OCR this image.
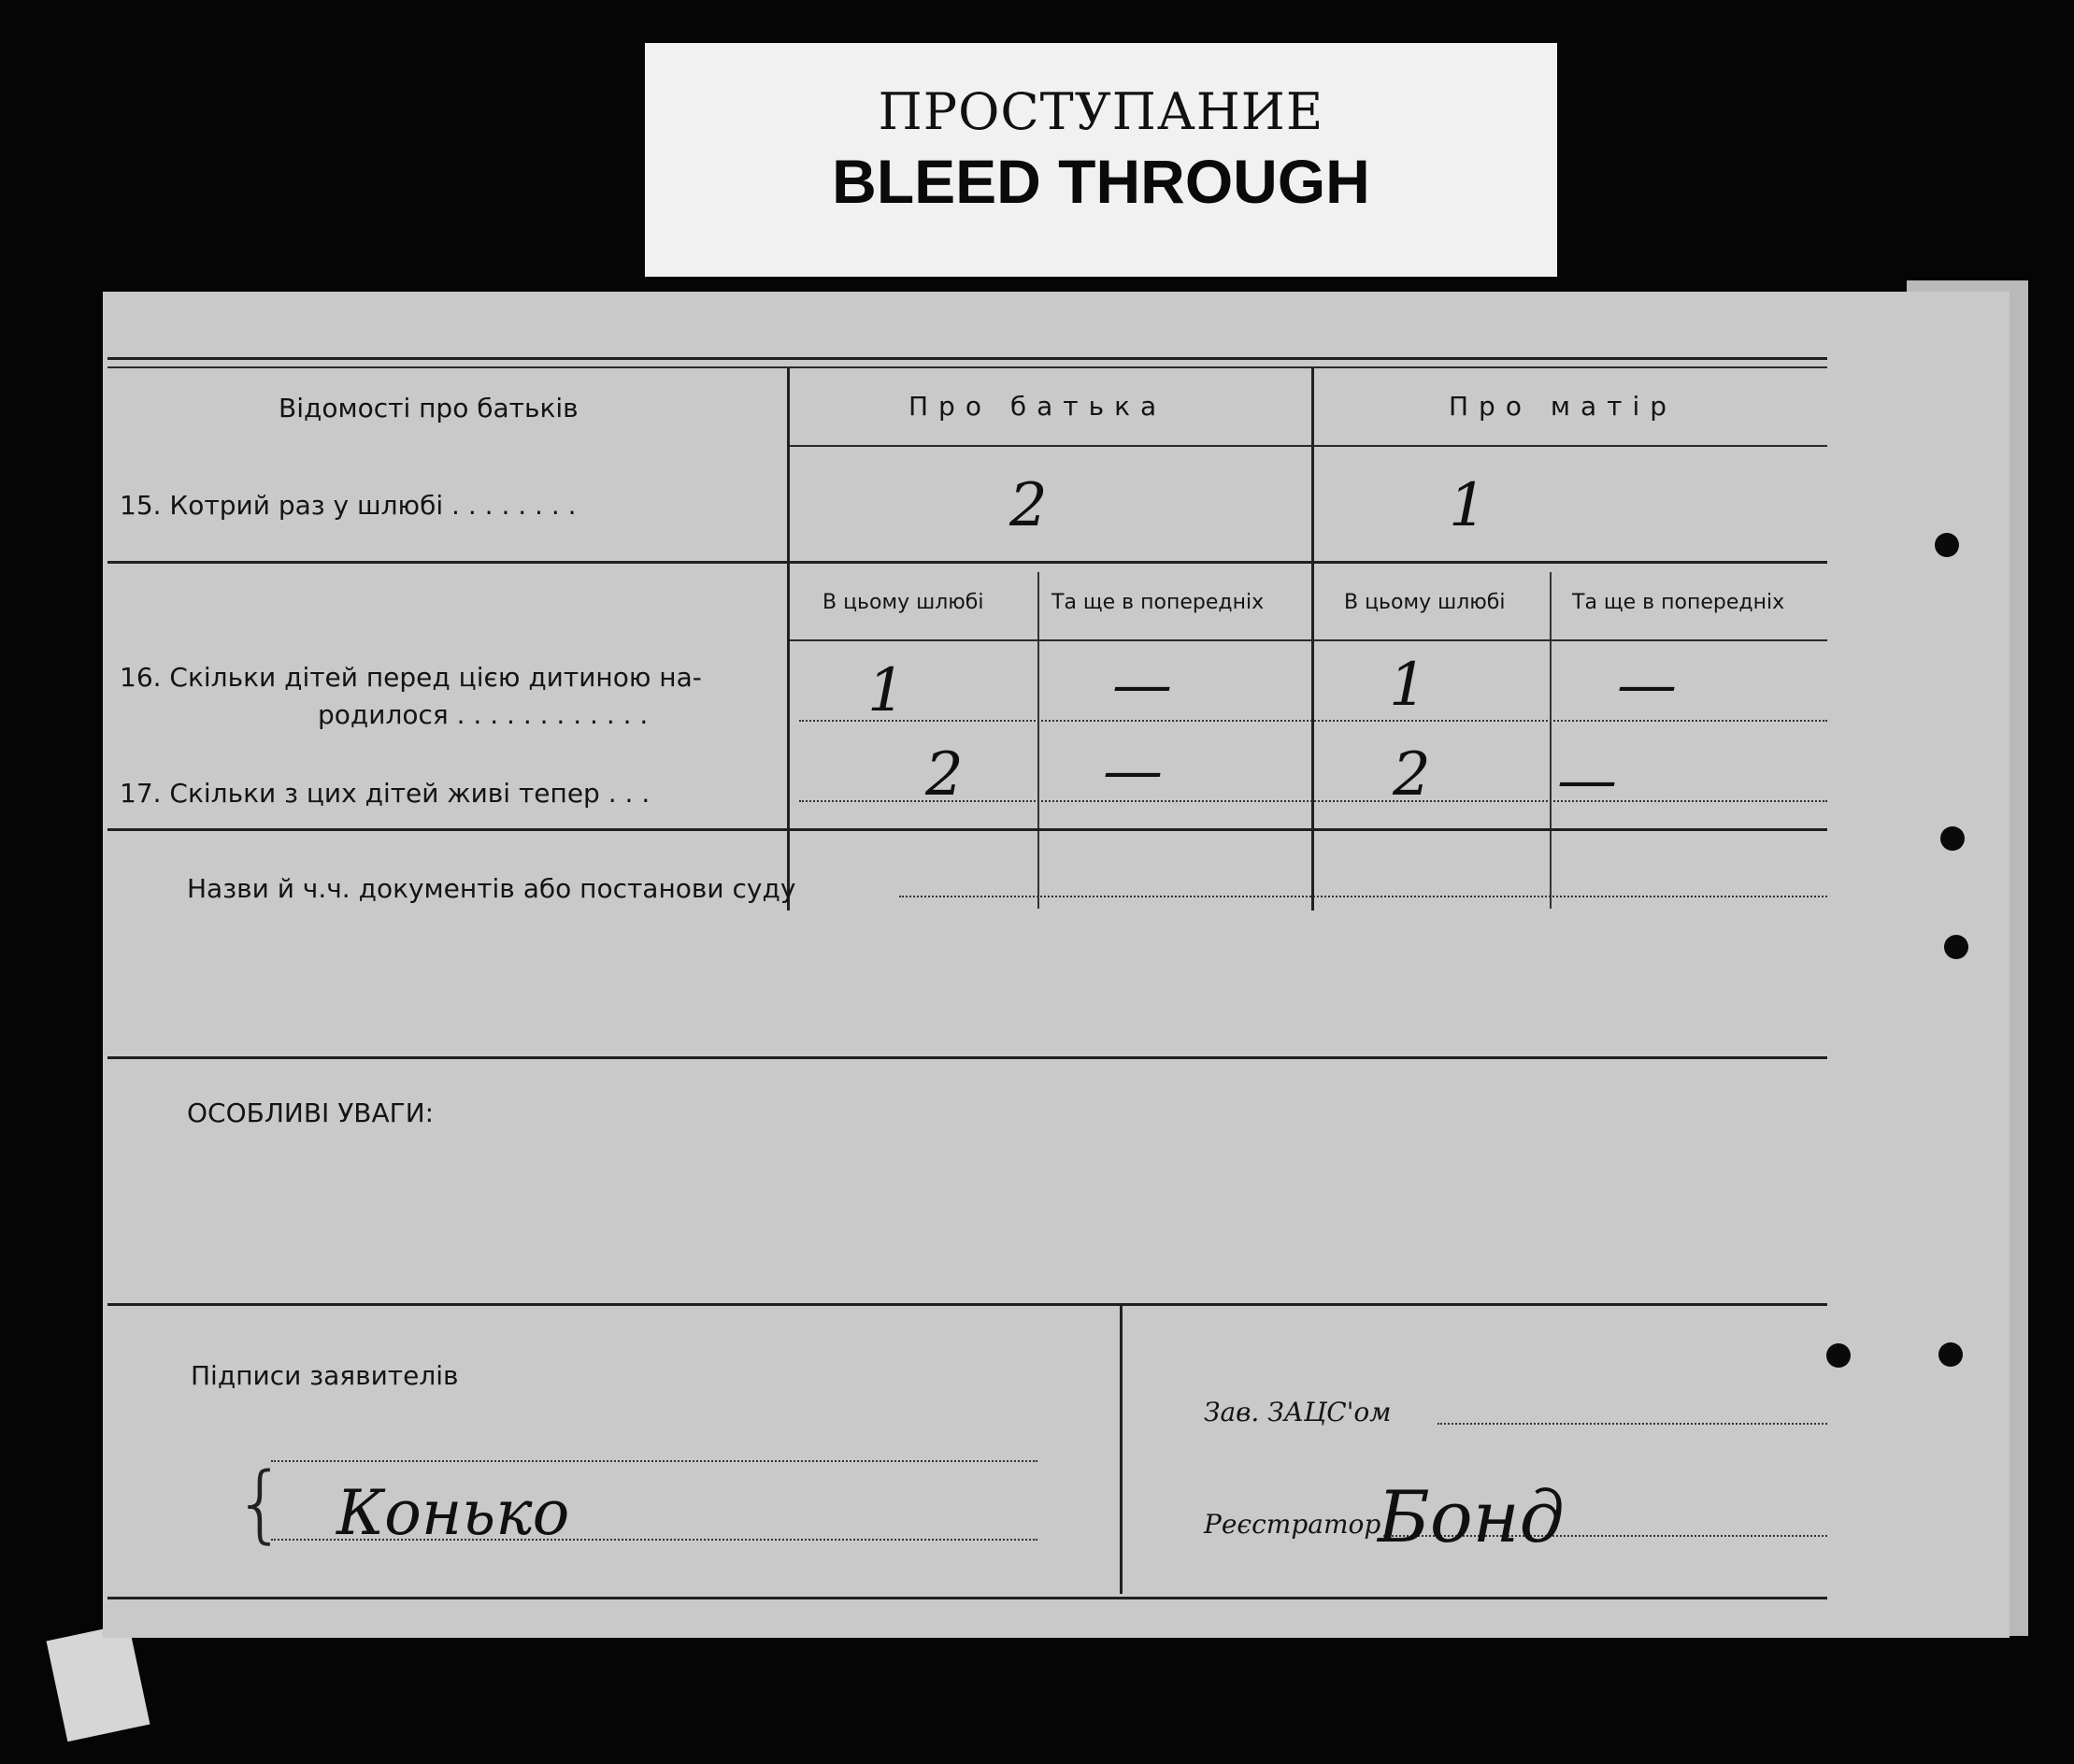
ПРОСТУПАНИЕ
BLEED THROUGH
Відомості про батьків	Про батька	Про матір
15. Котрий раз у шлюбі . . . . . . . .	2	1
В цьому шлюбі	Та ще в попередніх	В цьому шлюбі	Та ще в попередніх
16. Скільки дітей перед цією дитиною на-
родилося . . . . . . . . . . . .	1	—	1	—
17. Скільки з цих дітей живі тепер . . .	2 —	2 —
Назви й ч.ч. документів або постанови суду
ОСОБЛИВІ УВАГИ:
Підписи заявителів
{ Конько
Зав. ЗАЦС'ом
Реєстратор
Бонд
